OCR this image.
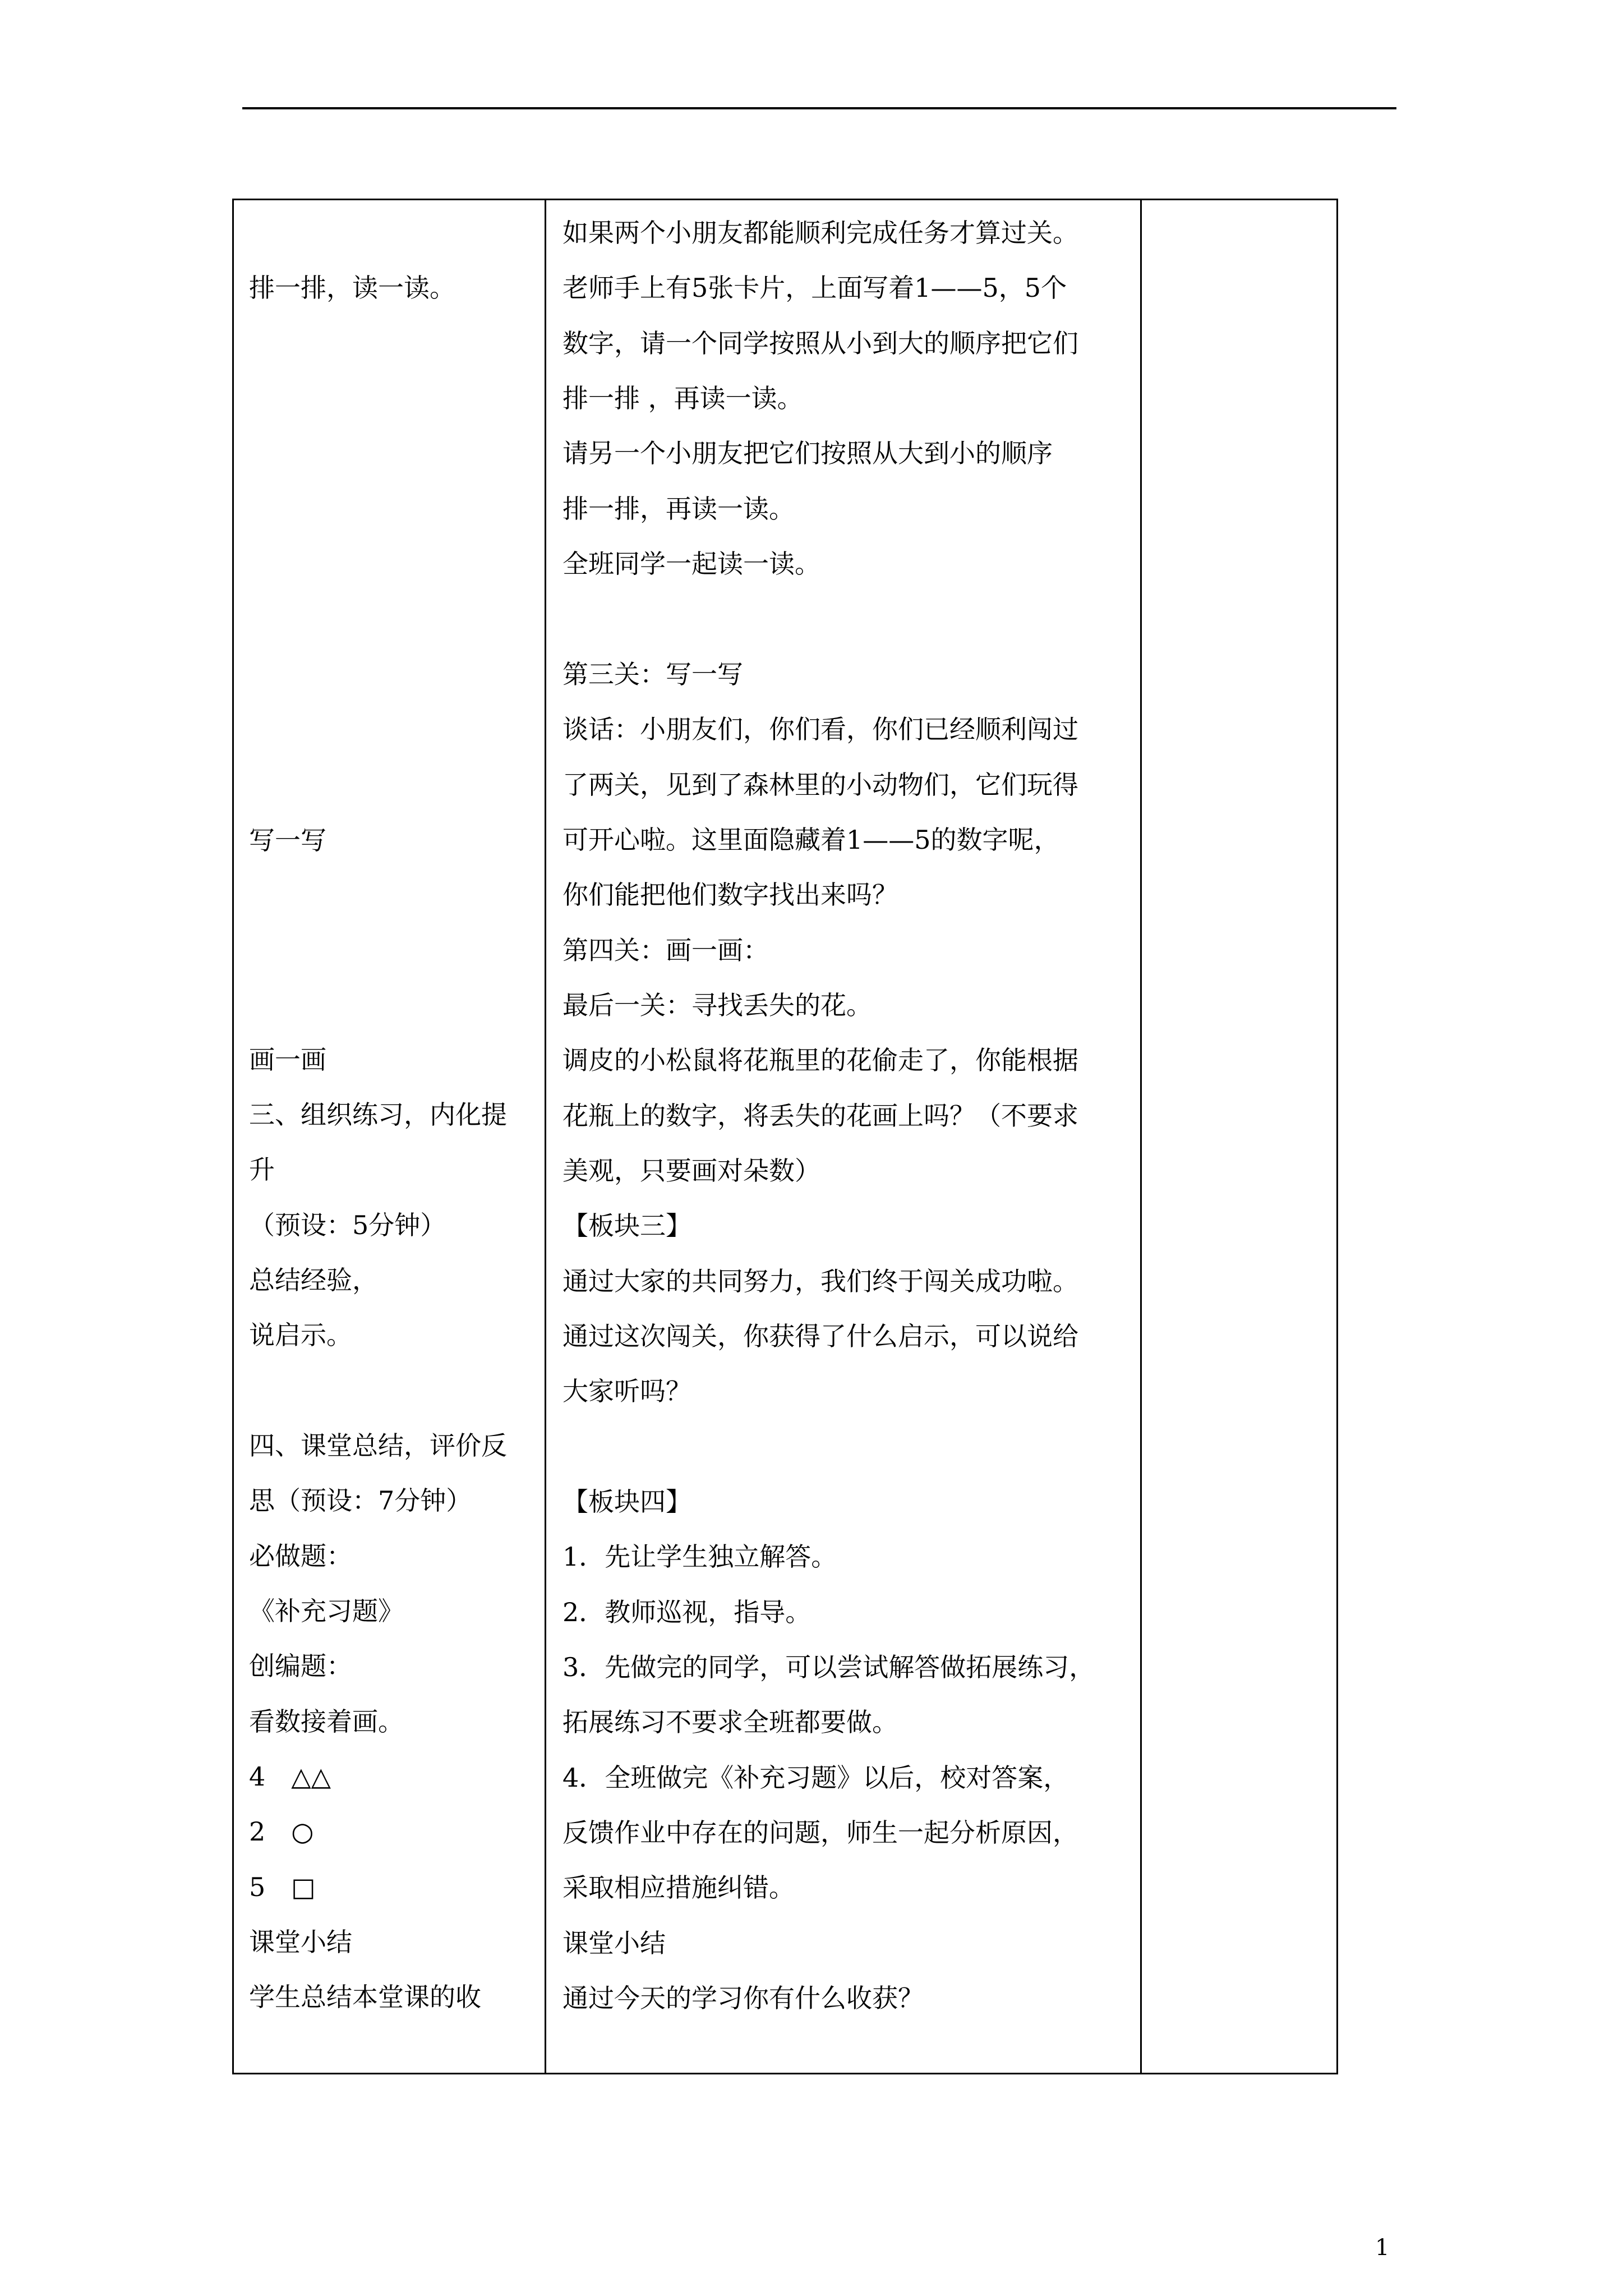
排一排，读一读。
写一写
画一画
三、组织练习，内化提
升
（预设：5分钟）
总结经验，
说启示。
四、课堂总结，评价反
思（预设：7分钟）
必做题：
《补充习题》
创编题：
看数接着画。
4　△△
2　○
5　□
课堂小结
学生总结本堂课的收
如果两个小朋友都能顺利完成任务才算过关。
老师手上有5张卡片，上面写着1——5，5个
数字，请一个同学按照从小到大的顺序把它们
排一排 ，再读一读。
请另一个小朋友把它们按照从大到小的顺序
排一排，再读一读。
全班同学一起读一读。
第三关：写一写
谈话：小朋友们，你们看，你们已经顺利闯过
了两关，见到了森林里的小动物们，它们玩得
可开心啦。这里面隐藏着1——5的数字呢，
你们能把他们数字找出来吗？
第四关：画一画：
最后一关：寻找丢失的花。
调皮的小松鼠将花瓶里的花偷走了，你能根据
花瓶上的数字，将丢失的花画上吗？（不要求
美观，只要画对朵数）
【板块三】
通过大家的共同努力，我们终于闯关成功啦。
通过这次闯关，你获得了什么启示，可以说给
大家听吗？
【板块四】
1．先让学生独立解答。
2．教师巡视，指导。
3．先做完的同学，可以尝试解答做拓展练习，
拓展练习不要求全班都要做。
4．全班做完《补充习题》以后，校对答案，
反馈作业中存在的问题，师生一起分析原因，
采取相应措施纠错。
课堂小结
通过今天的学习你有什么收获？
1
